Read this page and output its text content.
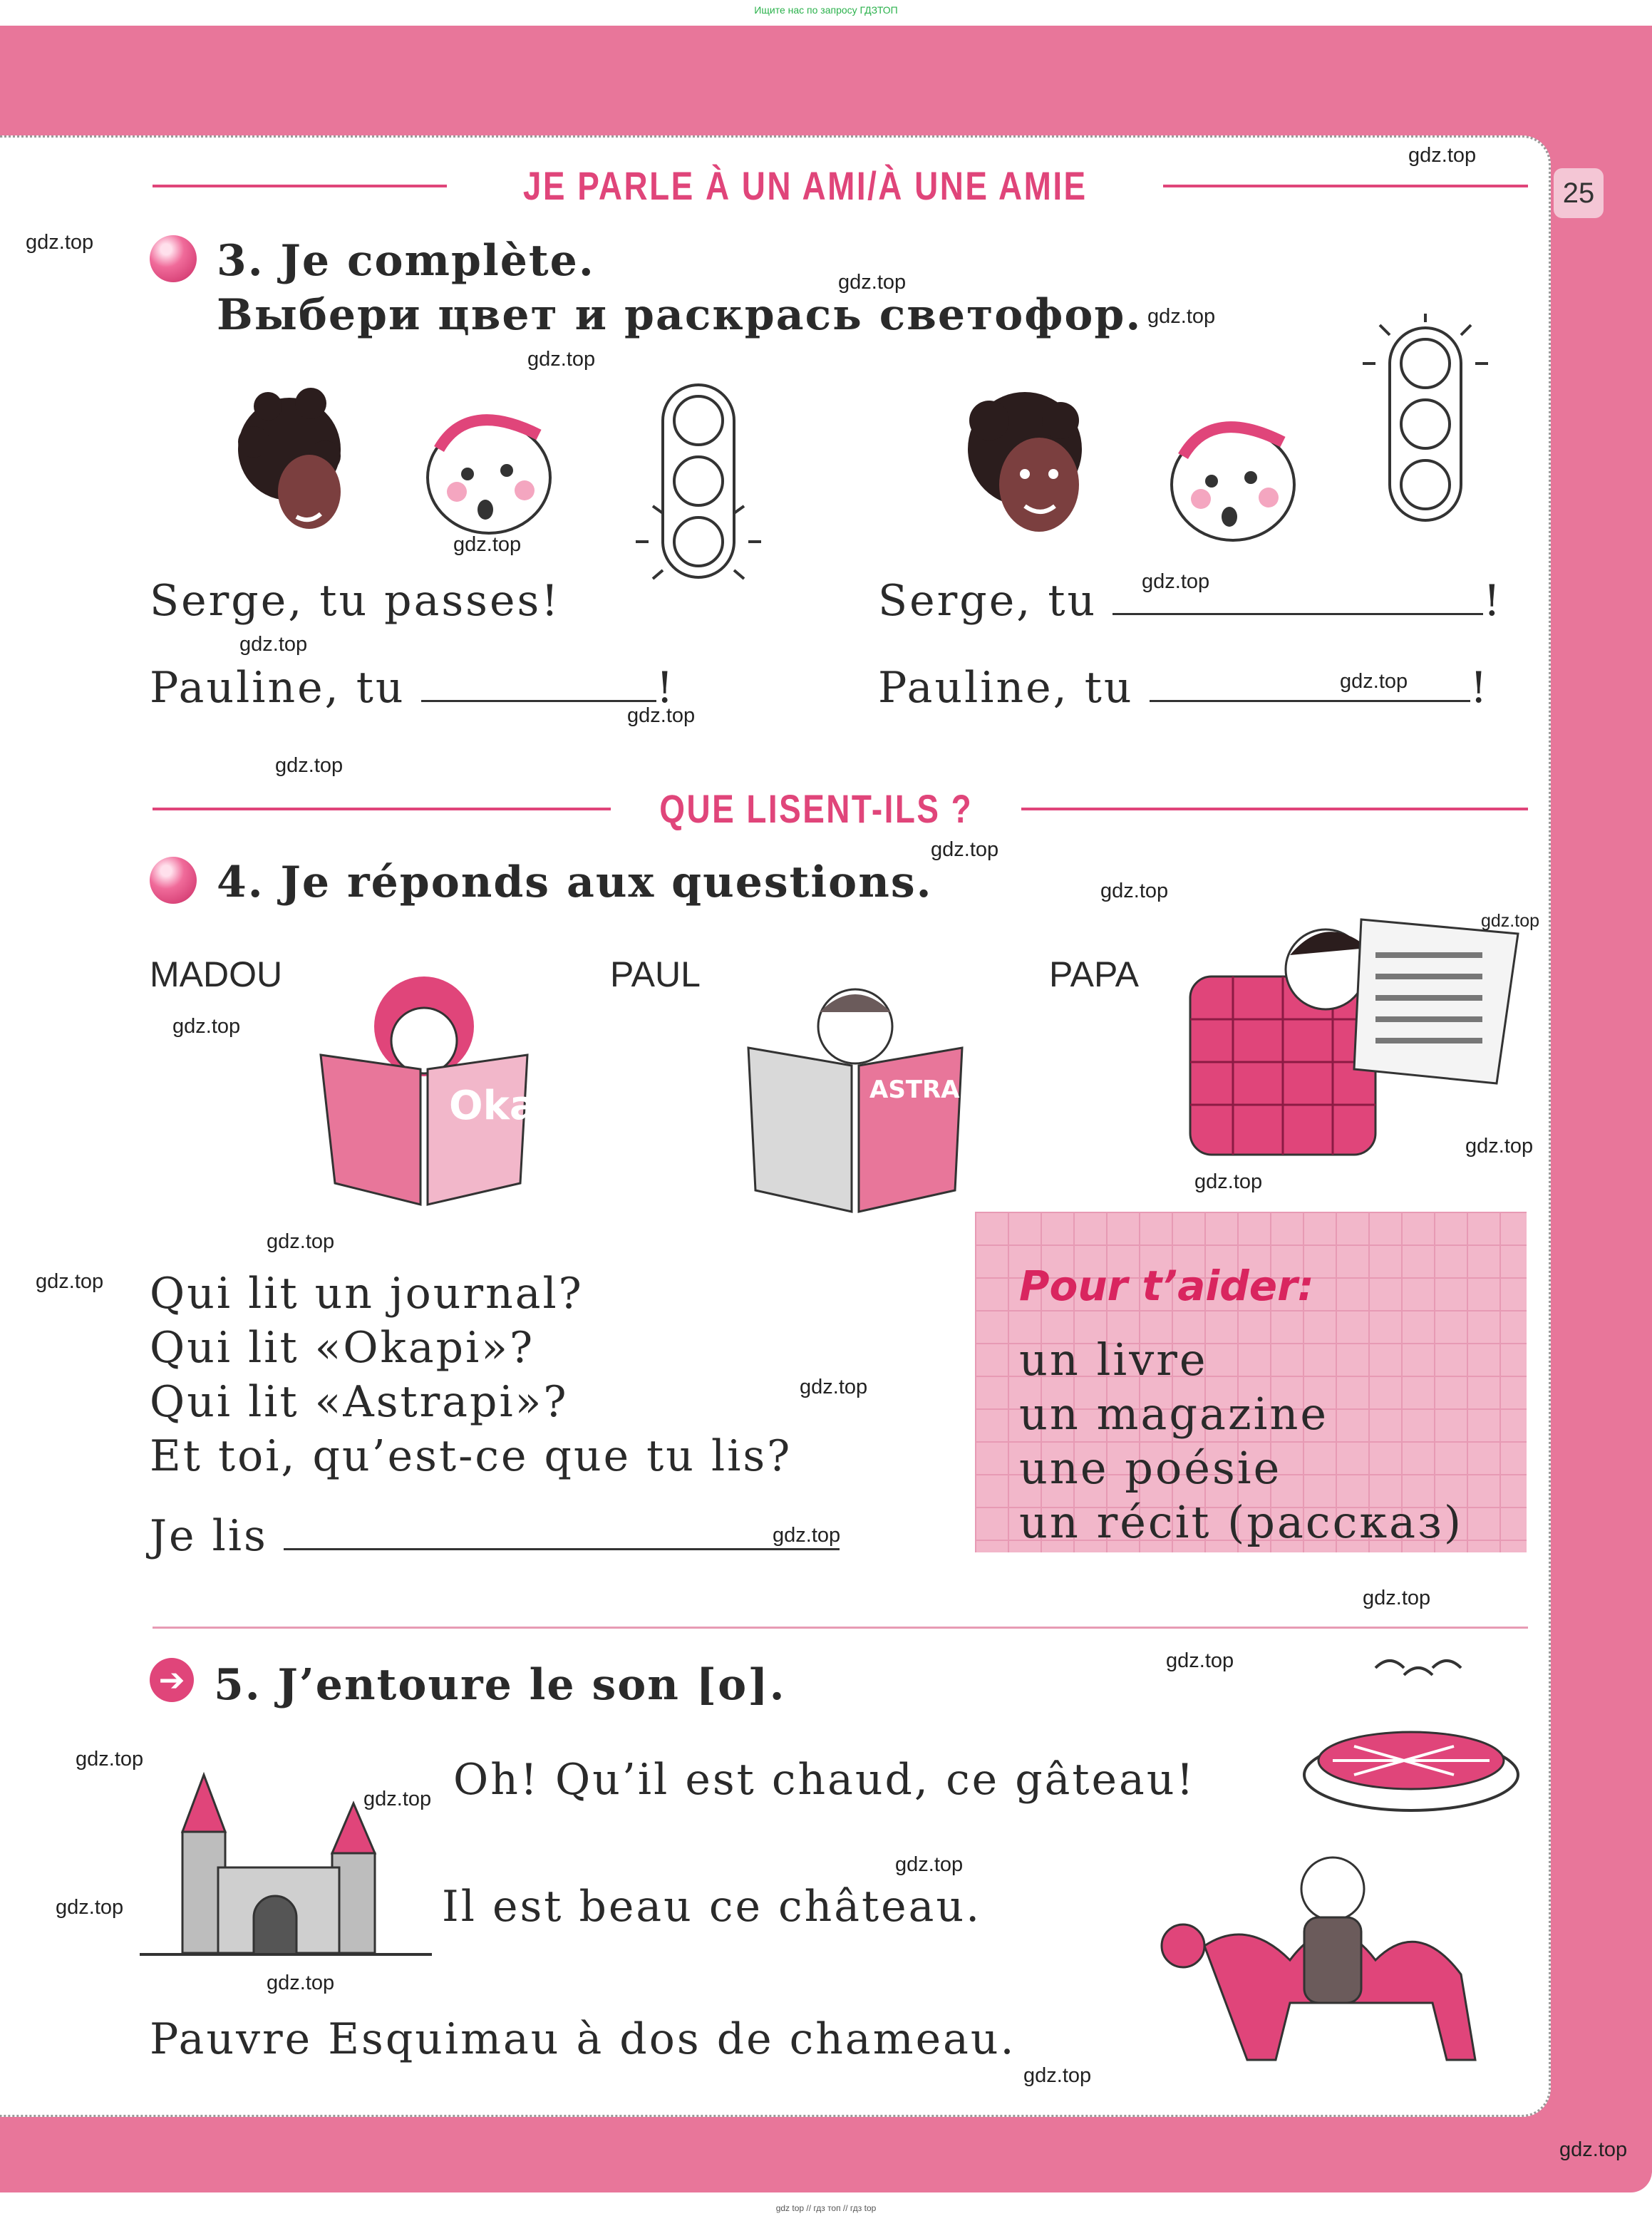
Ищите нас по запросу ГДЗТОП
25
JE PARLE À UN AMI/À UNE AMIE
3. Je complète.
Выбери цвет и раскрась светофор.
Serge, tu passes!
Pauline, tu	!
Serge, tu	!
Pauline, tu	!
QUE LISENT-ILS ?
4. Je réponds aux questions.
MADOU	PAUL	PAPA
Okapi	ASTRAPI
Qui lit un journal?
Qui lit «Okapi»?
Qui lit «Astrapi»?
Et toi, qu’est-ce que tu lis?
Je lis
Pour t’aider:
un livre
un magazine
une poésie
un récit (рассказ)
➔ 5. J’entoure le son [o].
Oh! Qu’il est chaud, ce gâteau!
Il est beau ce château.
Pauvre Esquimau à dos de chameau.
gdz.top
gdz.top
gdz.top
gdz.top
gdz.top
gdz.top
gdz.top
gdz.top
gdz.top
gdz.top
gdz.top
gdz.top
gdz.top
gdz.top
gdz.top
gdz.top
gdz.top
gdz.top
gdz.top
gdz.top
gdz.top
gdz.top
gdz.top
gdz.top
gdz.top
gdz.top
gdz.top
gdz.top
gdz.top
gdz.top
gdz top // гдз топ // гдз top
